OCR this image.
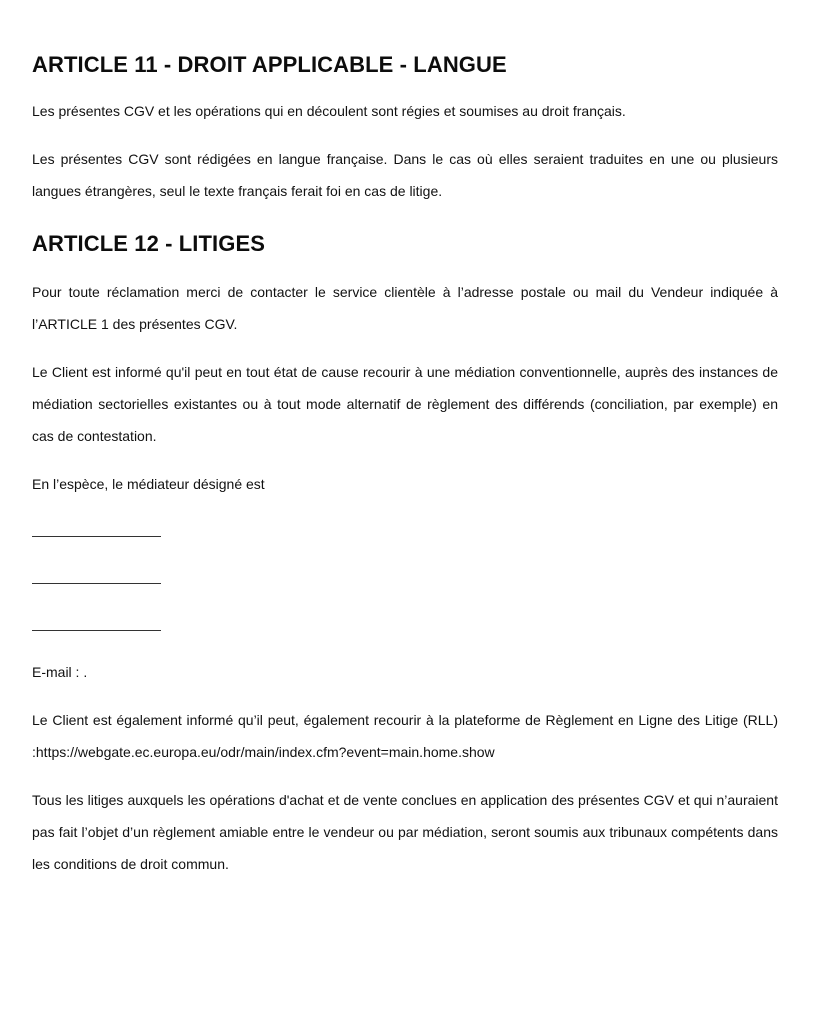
ARTICLE 11 - DROIT APPLICABLE - LANGUE

Les présentes CGV et les opérations qui en découlent sont régies et soumises au droit français.

Les présentes CGV sont rédigées en langue française. Dans le cas où elles seraient traduites en une ou plusieurs langues étrangères, seul le texte français ferait foi en cas de litige.

ARTICLE 12 - LITIGES

Pour toute réclamation merci de contacter le service clientèle à l’adresse postale ou mail du Vendeur indiquée à l’ARTICLE 1 des présentes CGV.

Le Client est informé qu'il peut en tout état de cause recourir à une médiation conventionnelle, auprès des instances de médiation sectorielles existantes ou à tout mode alternatif de règlement des différends (conciliation, par exemple) en cas de contestation.

En l’espèce, le médiateur désigné est

E-mail : .

Le Client est également informé qu’il peut, également recourir à la plateforme de Règlement en Ligne des Litige (RLL) :https://webgate.ec.europa.eu/odr/main/index.cfm?event=main.home.show

Tous les litiges auxquels les opérations d'achat et de vente conclues en application des présentes CGV et qui n’auraient pas fait l’objet d’un règlement amiable entre le vendeur ou par médiation, seront soumis aux tribunaux compétents dans les conditions de droit commun.
